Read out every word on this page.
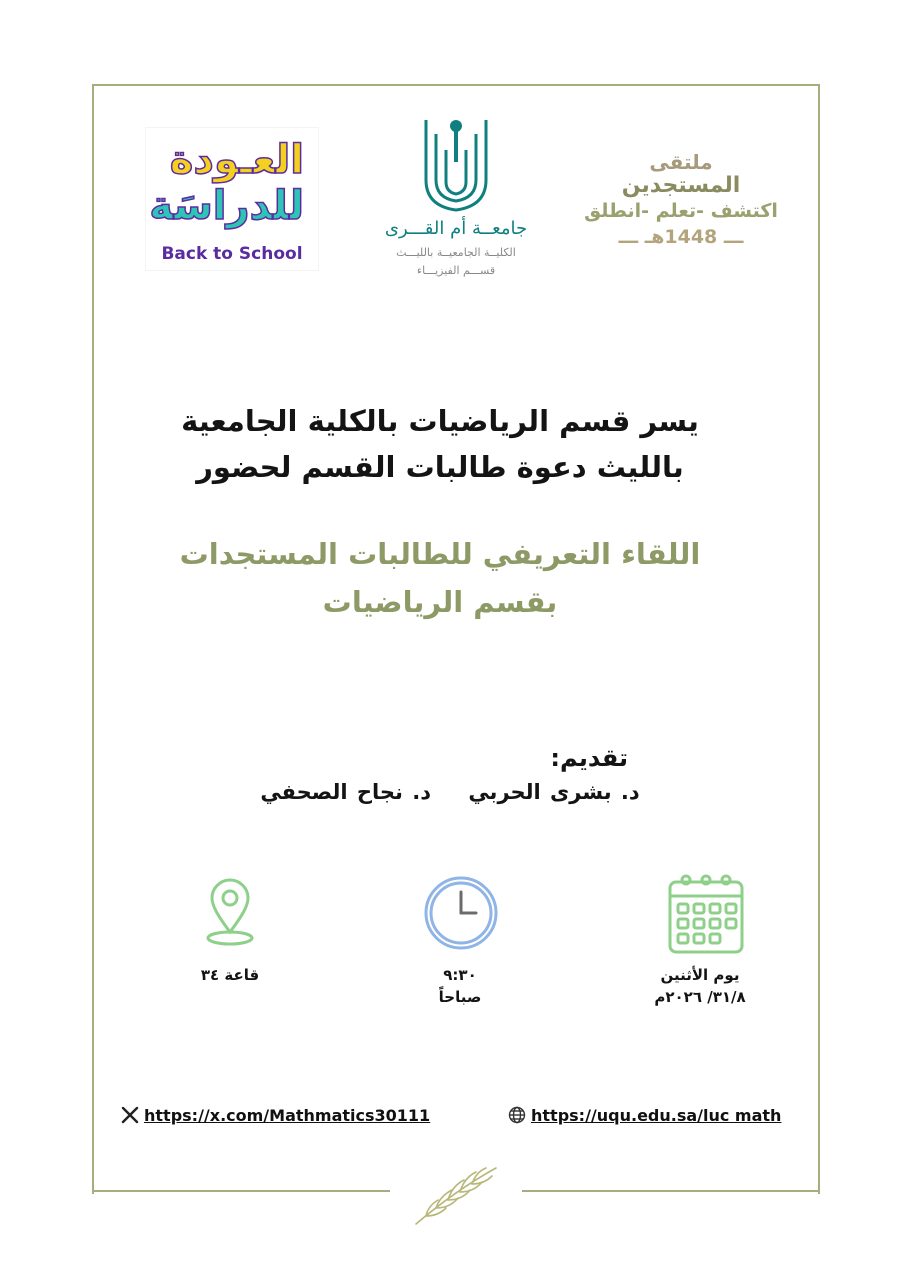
العـودة
للدراسَة
Back to School
جامعــة أم القـــرى
الكليــة الجامعيــة بالليـــث
قســـم الفيزيـــاء
ملتقى
المستجدين
اكتشف -تعلم -انطلق
ـــ 1448هـ ـــ
يسر قسم الرياضيات بالكلية الجامعية
بالليث دعوة طالبات القسم لحضور
اللقاء التعريفي للطالبات المستجدات
بقسم الرياضيات
تقديم:
د. بشرى الحربي د. نجاح الصحفي
يوم الأثنين
٣١/٨/ ٢٠٢٦م
٩:٣٠
صباحاً
قاعة ٣٤
https://x.com/Mathmatics30111	https://uqu.edu.sa/luc math
